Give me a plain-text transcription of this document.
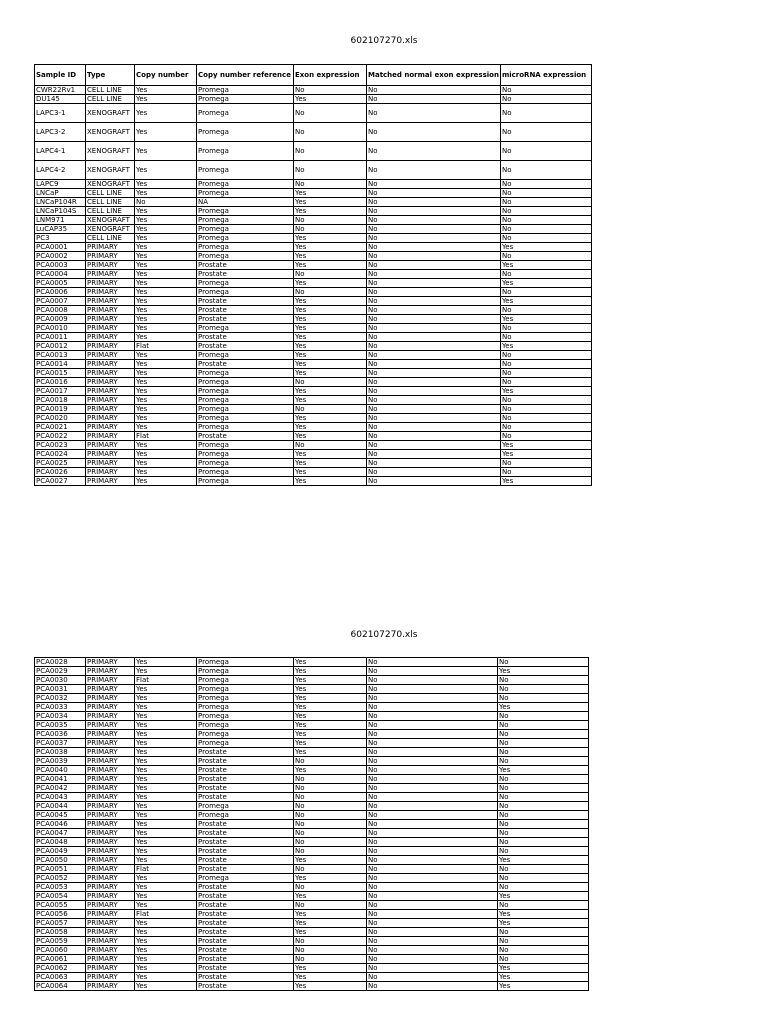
602107270.xls
Sample ID	Type	Copy number	Copy number reference	Exon expression	Matched normal exon expression	microRNA expression
CWR22Rv1	CELL LINE	Yes	Promega	No	No	No
DU145	CELL LINE	Yes	Promega	Yes	No	No
LAPC3-1	XENOGRAFT	Yes	Promega	No	No	No
LAPC3-2	XENOGRAFT	Yes	Promega	No	No	No
LAPC4-1	XENOGRAFT	Yes	Promega	No	No	No
LAPC4-2	XENOGRAFT	Yes	Promega	No	No	No
LAPC9	XENOGRAFT	Yes	Promega	No	No	No
LNCaP	CELL LINE	Yes	Promega	Yes	No	No
LNCaP104R	CELL LINE	No	NA	Yes	No	No
LNCaP104S	CELL LINE	Yes	Promega	Yes	No	No
LNM971	XENOGRAFT	Yes	Promega	No	No	No
LuCAP35	XENOGRAFT	Yes	Promega	No	No	No
PC3	CELL LINE	Yes	Promega	Yes	No	No
PCA0001	PRIMARY	Yes	Promega	Yes	No	Yes
PCA0002	PRIMARY	Yes	Promega	Yes	No	No
PCA0003	PRIMARY	Yes	Prostate	Yes	No	Yes
PCA0004	PRIMARY	Yes	Prostate	No	No	No
PCA0005	PRIMARY	Yes	Promega	Yes	No	Yes
PCA0006	PRIMARY	Yes	Promega	No	No	No
PCA0007	PRIMARY	Yes	Prostate	Yes	No	Yes
PCA0008	PRIMARY	Yes	Prostate	Yes	No	No
PCA0009	PRIMARY	Yes	Prostate	Yes	No	Yes
PCA0010	PRIMARY	Yes	Promega	Yes	No	No
PCA0011	PRIMARY	Yes	Prostate	Yes	No	No
PCA0012	PRIMARY	Flat	Prostate	Yes	No	Yes
PCA0013	PRIMARY	Yes	Promega	Yes	No	No
PCA0014	PRIMARY	Yes	Prostate	Yes	No	No
PCA0015	PRIMARY	Yes	Promega	Yes	No	No
PCA0016	PRIMARY	Yes	Promega	No	No	No
PCA0017	PRIMARY	Yes	Promega	Yes	No	Yes
PCA0018	PRIMARY	Yes	Promega	Yes	No	No
PCA0019	PRIMARY	Yes	Promega	No	No	No
PCA0020	PRIMARY	Yes	Promega	Yes	No	No
PCA0021	PRIMARY	Yes	Promega	Yes	No	No
PCA0022	PRIMARY	Flat	Prostate	Yes	No	No
PCA0023	PRIMARY	Yes	Promega	No	No	Yes
PCA0024	PRIMARY	Yes	Promega	Yes	No	Yes
PCA0025	PRIMARY	Yes	Promega	Yes	No	No
PCA0026	PRIMARY	Yes	Promega	Yes	No	No
PCA0027	PRIMARY	Yes	Promega	Yes	No	Yes
602107270.xls
PCA0028	PRIMARY	Yes	Promega	Yes	No	No
PCA0029	PRIMARY	Yes	Promega	Yes	No	Yes
PCA0030	PRIMARY	Flat	Promega	Yes	No	No
PCA0031	PRIMARY	Yes	Promega	Yes	No	No
PCA0032	PRIMARY	Yes	Promega	Yes	No	No
PCA0033	PRIMARY	Yes	Promega	Yes	No	Yes
PCA0034	PRIMARY	Yes	Promega	Yes	No	No
PCA0035	PRIMARY	Yes	Promega	Yes	No	No
PCA0036	PRIMARY	Yes	Promega	Yes	No	No
PCA0037	PRIMARY	Yes	Promega	Yes	No	No
PCA0038	PRIMARY	Yes	Prostate	Yes	No	No
PCA0039	PRIMARY	Yes	Prostate	No	No	No
PCA0040	PRIMARY	Yes	Prostate	Yes	No	Yes
PCA0041	PRIMARY	Yes	Prostate	No	No	No
PCA0042	PRIMARY	Yes	Prostate	No	No	No
PCA0043	PRIMARY	Yes	Prostate	No	No	No
PCA0044	PRIMARY	Yes	Promega	No	No	No
PCA0045	PRIMARY	Yes	Promega	No	No	No
PCA0046	PRIMARY	Yes	Prostate	No	No	No
PCA0047	PRIMARY	Yes	Prostate	No	No	No
PCA0048	PRIMARY	Yes	Prostate	No	No	No
PCA0049	PRIMARY	Yes	Prostate	No	No	No
PCA0050	PRIMARY	Yes	Prostate	Yes	No	Yes
PCA0051	PRIMARY	Flat	Prostate	No	No	No
PCA0052	PRIMARY	Yes	Promega	Yes	No	No
PCA0053	PRIMARY	Yes	Prostate	No	No	No
PCA0054	PRIMARY	Yes	Prostate	Yes	No	Yes
PCA0055	PRIMARY	Yes	Prostate	No	No	No
PCA0056	PRIMARY	Flat	Prostate	Yes	No	Yes
PCA0057	PRIMARY	Yes	Prostate	Yes	No	Yes
PCA0058	PRIMARY	Yes	Prostate	Yes	No	No
PCA0059	PRIMARY	Yes	Prostate	No	No	No
PCA0060	PRIMARY	Yes	Prostate	No	No	No
PCA0061	PRIMARY	Yes	Prostate	No	No	No
PCA0062	PRIMARY	Yes	Prostate	Yes	No	Yes
PCA0063	PRIMARY	Yes	Prostate	Yes	No	Yes
PCA0064	PRIMARY	Yes	Prostate	Yes	No	Yes
